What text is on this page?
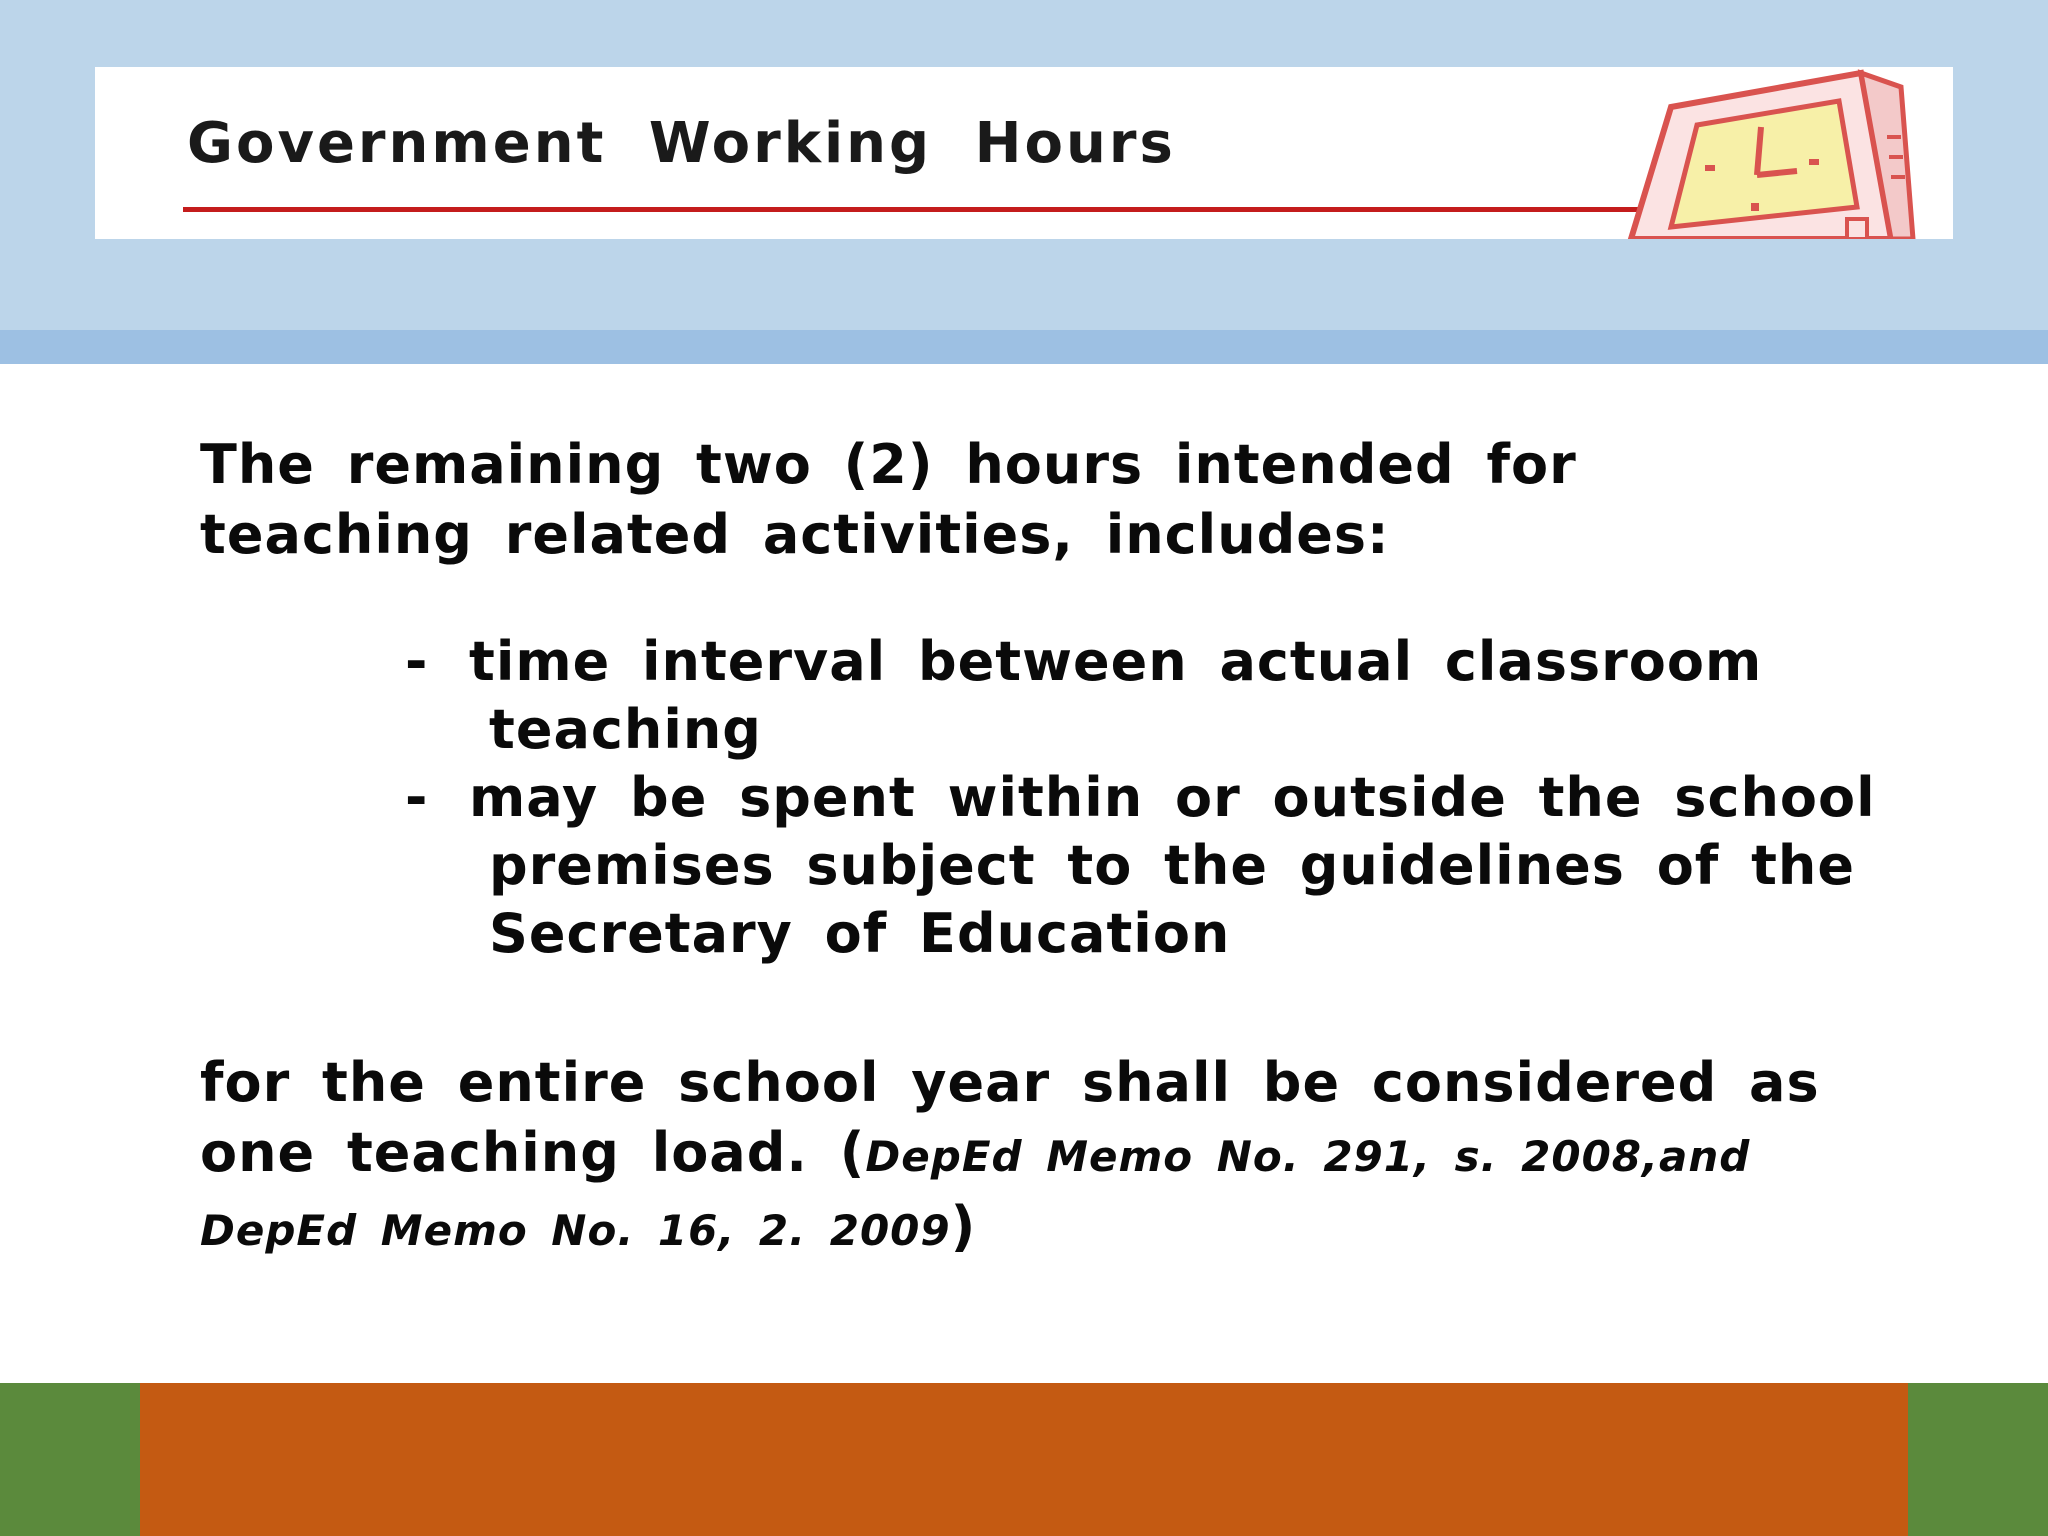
Government Working Hours

The remaining two (2) hours intended for teaching related activities, includes:

- time interval between actual classroom teaching
- may be spent within or outside the school premises subject to the guidelines of the Secretary of Education

for the entire school year shall be considered as one teaching load. (DepEd Memo No. 291, s. 2008,and DepEd Memo No. 16, 2. 2009)
